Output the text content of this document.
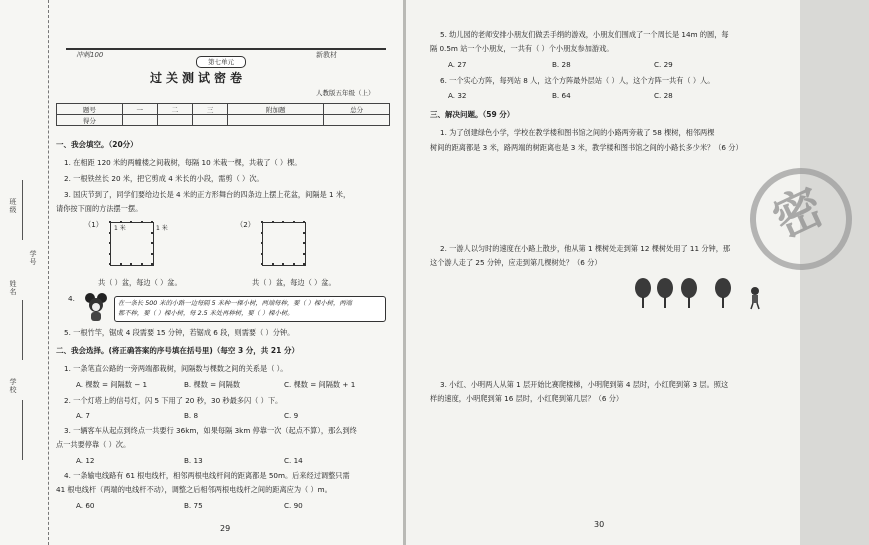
班级
姓名
学号
学校
冲刺100	新教材
第七单元
过关测试密卷
人教版五年级（上）
题号	一	二	三	附加题	总分
得分					
一、我会填空。（20分）
1. 在相距 120 米的两幢楼之间栽树，每隔 10 米栽一棵，共栽了（ ）棵。
2. 一根铁丝长 20 米，把它剪成 4 米长的小段，需剪（ ）次。
3. 国庆节到了，同学们要给边长是 4 米的正方形舞台的四条边上摆上花盆，间隔是 1 米，
请你按下面的方法摆一摆。
（1） 1 米	1 米	（2）
共（ ）盆，每边（ ）盆。	共（ ）盆，每边（ ）盆。
4.
在一条长 500 米的小路一边每隔 5 米种一棵小树，两端每种，要（ ）棵小树，两端
都不种，要（ ）棵小树，每 2.5 米处再种树，要（ ）棵小树。
5. 一根竹竿，锯成 4 段需要 15 分钟，若锯成 6 段，则需要（ ）分钟。
二、我会选择。(将正确答案的序号填在括号里)（每空 3 分，共 21 分）
1. 一条笔直公路的一旁两端都栽树，间隔数与棵数之间的关系是（ ）。
A. 棵数 = 间隔数 − 1	B. 棵数 = 间隔数	C. 棵数 = 间隔数 + 1
2. 一个灯塔上的信号灯，闪 5 下用了 20 秒，30 秒最多闪（ ）下。
A. 7	B. 8	C. 9
3. 一辆客车从起点到终点一共要行 36km，如果每隔 3km 停靠一次（起点不算），那么到终
点一共要停靠（ ）次。
A. 12	B. 13	C. 14
4. 一条输电线路有 61 根电线杆，相邻两根电线杆间的距离都是 50m。后来经过调整只需
41 根电线杆（两端的电线杆不动），调整之后相邻两根电线杆之间的距离应为（ ）m。
A. 60	B. 75	C. 90
29
5. 幼儿园的老师安排小朋友们做丢手绢的游戏，小朋友们围成了一个周长是 14m 的圆，每
隔 0.5m 站一个小朋友，一共有（ ）个小朋友参加游戏。
A. 27	B. 28	C. 29
6. 一个实心方阵，每列站 8 人，这个方阵最外层站（ ）人，这个方阵一共有（ ）人。
A. 32	B. 64	C. 28
三、解决问题。（59 分）
1. 为了创建绿色小学，学校在教学楼和图书馆之间的小路两旁栽了 58 棵树，相邻两棵
树间的距离都是 3 米，路两端的树距离也是 3 米，教学楼和图书馆之间的小路长多少米？（6 分）
密
2. 一游人以匀时的速度在小路上散步，他从第 1 棵树处走到第 12 棵树处用了 11 分钟，那
这个游人走了 25 分钟，应走到第几棵树处？（6 分）
3. 小红、小明两人从第 1 层开始比赛爬楼梯，小明爬到第 4 层时，小红爬到第 3 层。照这
样的速度，小明爬到第 16 层时，小红爬到第几层？（6 分）
30
